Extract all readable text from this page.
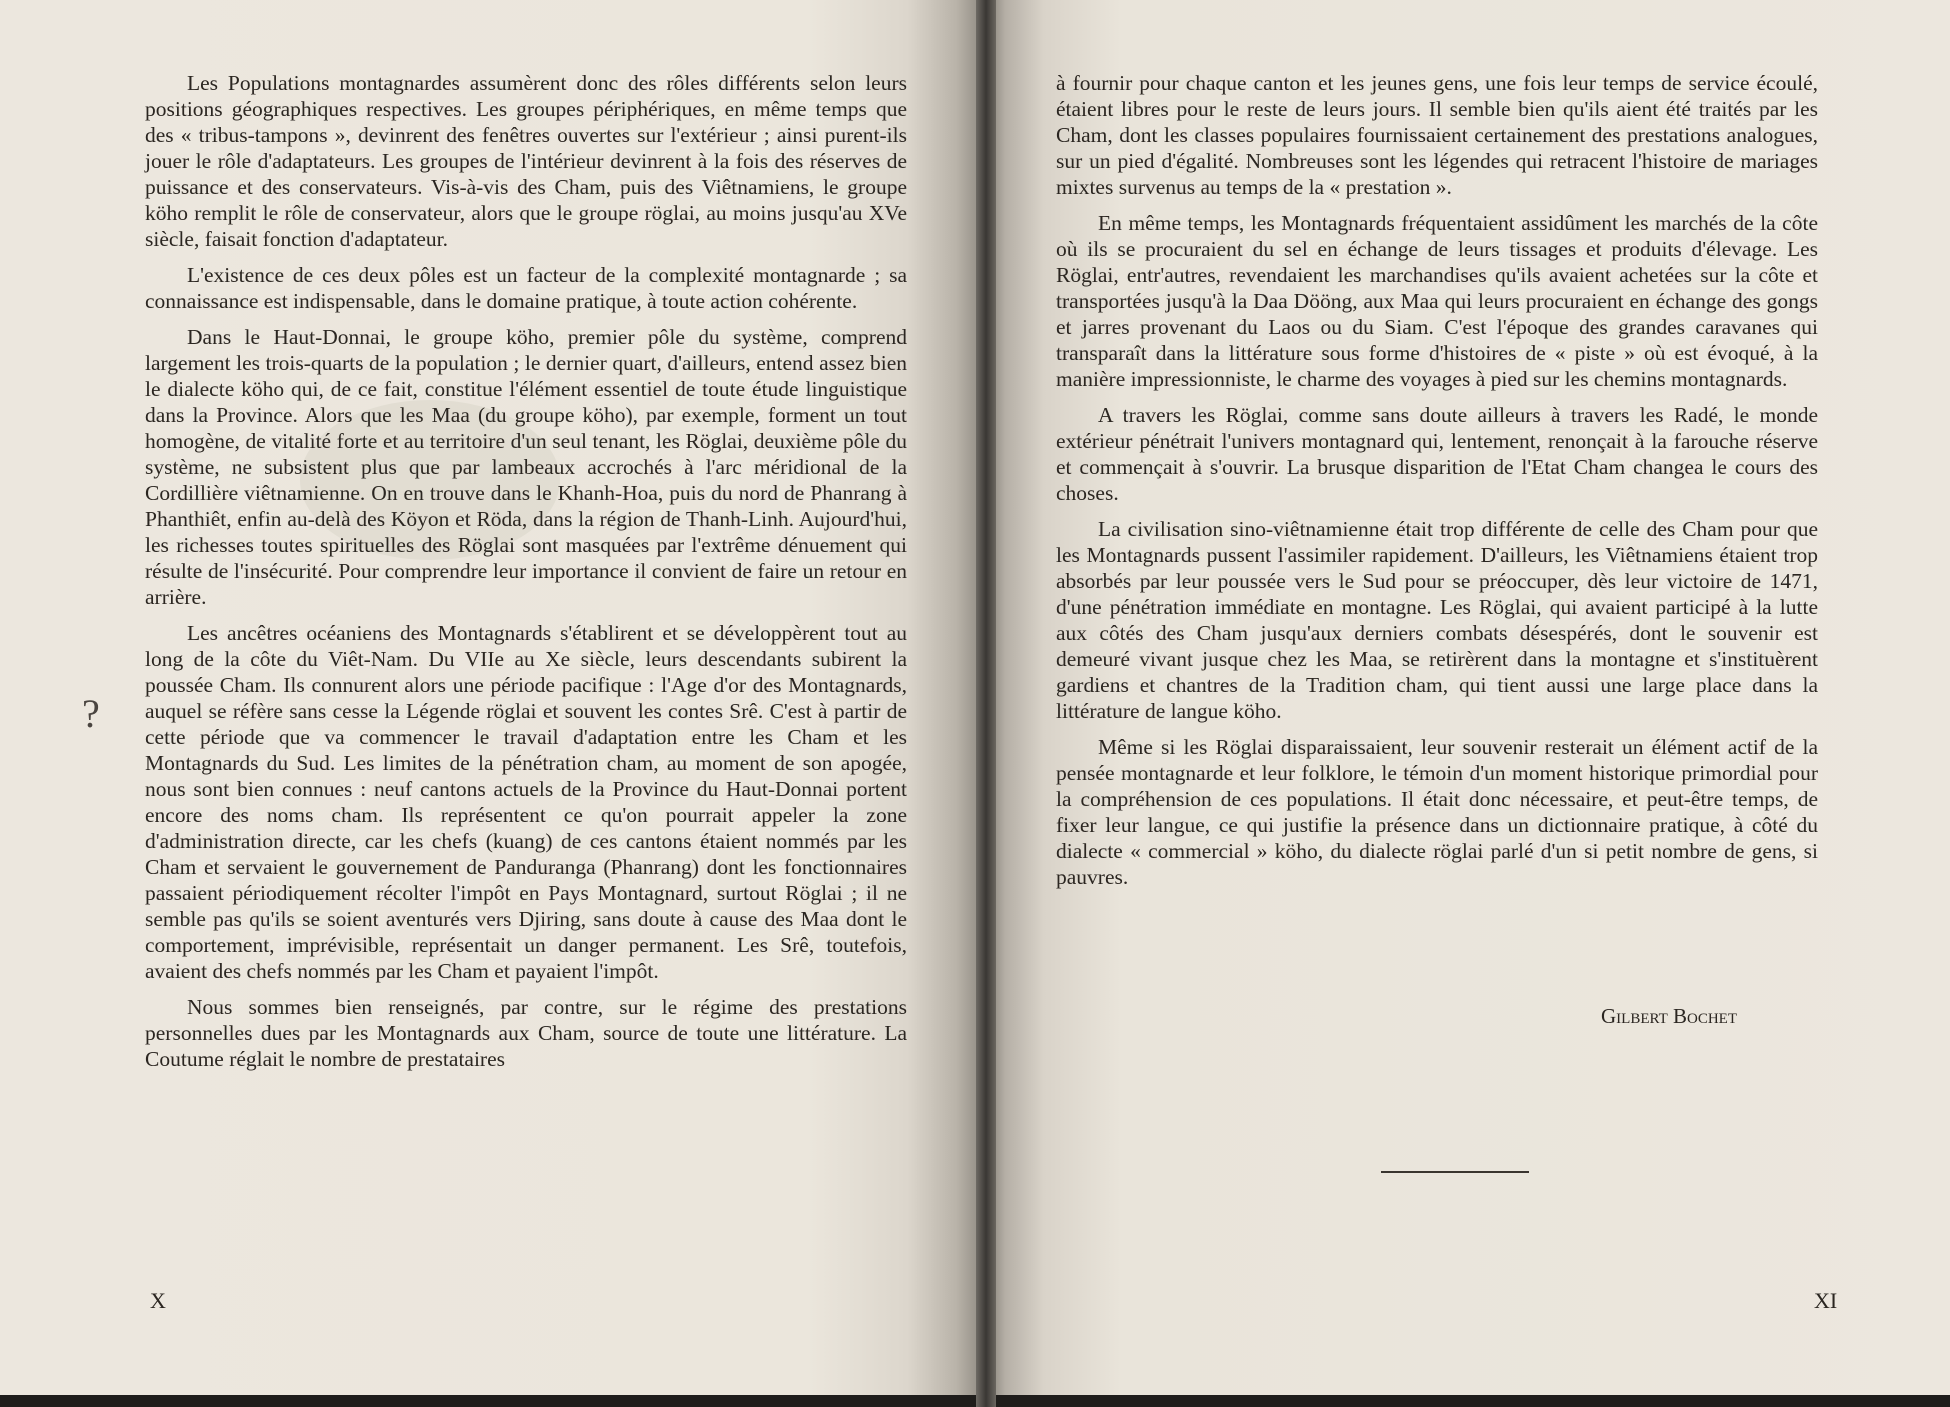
Les Populations montagnardes assumèrent donc des rôles différents selon leurs positions géographiques respectives. Les groupes périphériques, en même temps que des « tribus-tampons », devinrent des fenêtres ouvertes sur l'extérieur ; ainsi purent-ils jouer le rôle d'adaptateurs. Les groupes de l'intérieur devinrent à la fois des réserves de puissance et des conservateurs. Vis-à-vis des Cham, puis des Viêtnamiens, le groupe köho remplit le rôle de conservateur, alors que le groupe röglai, au moins jusqu'au XVe siècle, faisait fonction d'adaptateur.

L'existence de ces deux pôles est un facteur de la complexité montagnarde ; sa connaissance est indispensable, dans le domaine pratique, à toute action cohérente.

Dans le Haut-Donnai, le groupe köho, premier pôle du système, comprend largement les trois-quarts de la population ; le dernier quart, d'ailleurs, entend assez bien le dialecte köho qui, de ce fait, constitue l'élément essentiel de toute étude linguistique dans la Province. Alors que les Maa (du groupe köho), par exemple, forment un tout homogène, de vitalité forte et au territoire d'un seul tenant, les Röglai, deuxième pôle du système, ne subsistent plus que par lambeaux accrochés à l'arc méridional de la Cordillière viêtnamienne. On en trouve dans le Khanh-Hoa, puis du nord de Phanrang à Phanthiêt, enfin au-delà des Köyon et Röda, dans la région de Thanh-Linh. Aujourd'hui, les richesses toutes spirituelles des Röglai sont masquées par l'extrême dénuement qui résulte de l'insécurité. Pour comprendre leur importance il convient de faire un retour en arrière.

Les ancêtres océaniens des Montagnards s'établirent et se développèrent tout au long de la côte du Viêt-Nam. Du VIIe au Xe siècle, leurs descendants subirent la poussée Cham. Ils connurent alors une période pacifique : l'Age d'or des Montagnards, auquel se réfère sans cesse la Légende röglai et souvent les contes Srê. C'est à partir de cette période que va commencer le travail d'adaptation entre les Cham et les Montagnards du Sud. Les limites de la pénétration cham, au moment de son apogée, nous sont bien connues : neuf cantons actuels de la Province du Haut-Donnai portent encore des noms cham. Ils représentent ce qu'on pourrait appeler la zone d'administration directe, car les chefs (kuang) de ces cantons étaient nommés par les Cham et servaient le gouvernement de Panduranga (Phanrang) dont les fonctionnaires passaient périodiquement récolter l'impôt en Pays Montagnard, surtout Röglai ; il ne semble pas qu'ils se soient aventurés vers Djiring, sans doute à cause des Maa dont le comportement, imprévisible, représentait un danger permanent. Les Srê, toutefois, avaient des chefs nommés par les Cham et payaient l'impôt.

Nous sommes bien renseignés, par contre, sur le régime des prestations personnelles dues par les Montagnards aux Cham, source de toute une littérature. La Coutume réglait le nombre de prestataires

?
X

à fournir pour chaque canton et les jeunes gens, une fois leur temps de service écoulé, étaient libres pour le reste de leurs jours. Il semble bien qu'ils aient été traités par les Cham, dont les classes populaires fournissaient certainement des prestations analogues, sur un pied d'égalité. Nombreuses sont les légendes qui retracent l'histoire de mariages mixtes survenus au temps de la « prestation ».

En même temps, les Montagnards fréquentaient assidûment les marchés de la côte où ils se procuraient du sel en échange de leurs tissages et produits d'élevage. Les Röglai, entr'autres, revendaient les marchandises qu'ils avaient achetées sur la côte et transportées jusqu'à la Daa Dööng, aux Maa qui leurs procuraient en échange des gongs et jarres provenant du Laos ou du Siam. C'est l'époque des grandes caravanes qui transparaît dans la littérature sous forme d'histoires de « piste » où est évoqué, à la manière impressionniste, le charme des voyages à pied sur les chemins montagnards.

A travers les Röglai, comme sans doute ailleurs à travers les Radé, le monde extérieur pénétrait l'univers montagnard qui, lentement, renonçait à la farouche réserve et commençait à s'ouvrir. La brusque disparition de l'Etat Cham changea le cours des choses.

La civilisation sino-viêtnamienne était trop différente de celle des Cham pour que les Montagnards pussent l'assimiler rapidement. D'ailleurs, les Viêtnamiens étaient trop absorbés par leur poussée vers le Sud pour se préoccuper, dès leur victoire de 1471, d'une pénétration immédiate en montagne. Les Röglai, qui avaient participé à la lutte aux côtés des Cham jusqu'aux derniers combats désespérés, dont le souvenir est demeuré vivant jusque chez les Maa, se retirèrent dans la montagne et s'instituèrent gardiens et chantres de la Tradition cham, qui tient aussi une large place dans la littérature de langue köho.

Même si les Röglai disparaissaient, leur souvenir resterait un élément actif de la pensée montagnarde et leur folklore, le témoin d'un moment historique primordial pour la compréhension de ces populations. Il était donc nécessaire, et peut-être temps, de fixer leur langue, ce qui justifie la présence dans un dictionnaire pratique, à côté du dialecte « commercial » köho, du dialecte röglai parlé d'un si petit nombre de gens, si pauvres.

Gilbert Bochet
XI
